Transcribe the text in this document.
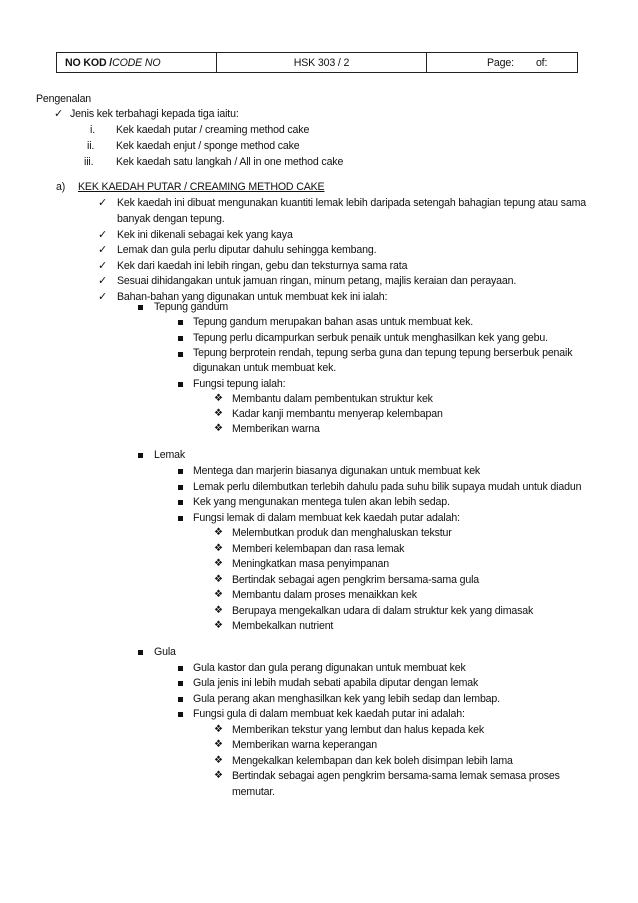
NO KOD / CODE NO	HSK 303 / 2	Page: of:
Pengenalan
✓ Jenis kek terbahagi kepada tiga iaitu:
i. Kek kaedah putar / creaming method cake
ii. Kek kaedah enjut / sponge method cake
iii. Kek kaedah satu langkah / All in one method cake
a) KEK KAEDAH PUTAR / CREAMING METHOD CAKE
✓ Kek kaedah ini dibuat mengunakan kuantiti lemak lebih daripada setengah bahagian tepung atau sama banyak dengan tepung.
✓ Kek ini dikenali sebagai kek yang kaya
✓ Lemak dan gula perlu diputar dahulu sehingga kembang.
✓ Kek dari kaedah ini lebih ringan, gebu dan teksturnya sama rata
✓ Sesuai dihidangakan untuk jamuan ringan, minum petang, majlis keraian dan perayaan.
✓ Bahan-bahan yang digunakan untuk membuat kek ini ialah:
Tepung gandum
Tepung gandum merupakan bahan asas untuk membuat kek.
Tepung perlu dicampurkan serbuk penaik untuk menghasilkan kek yang gebu.
Tepung berprotein rendah, tepung serba guna dan tepung tepung berserbuk penaik digunakan untuk membuat kek.
Fungsi tepung ialah:
❖ Membantu dalam pembentukan struktur kek
❖ Kadar kanji membantu menyerap kelembapan
❖ Memberikan warna
Lemak
Mentega dan marjerin biasanya digunakan untuk membuat kek
Lemak perlu dilembutkan terlebih dahulu pada suhu bilik supaya mudah untuk diadun
Kek yang mengunakan mentega tulen akan lebih sedap.
Fungsi lemak di dalam membuat kek kaedah putar adalah:
❖ Melembutkan produk dan menghaluskan tekstur
❖ Memberi kelembapan dan rasa lemak
❖ Meningkatkan masa penyimpanan
❖ Bertindak sebagai agen pengkrim bersama-sama gula
❖ Membantu dalam proses menaikkan kek
❖ Berupaya mengekalkan udara di dalam struktur kek yang dimasak
❖ Membekalkan nutrient
Gula
Gula kastor dan gula perang digunakan untuk membuat kek
Gula jenis ini lebih mudah sebati apabila diputar dengan lemak
Gula perang akan menghasilkan kek yang lebih sedap dan lembap.
Fungsi gula di dalam membuat kek kaedah putar ini adalah:
❖ Memberikan tekstur yang lembut dan halus kepada kek
❖ Memberikan warna keperangan
❖ Mengekalkan kelembapan dan kek boleh disimpan lebih lama
❖ Bertindak sebagai agen pengkrim bersama-sama lemak semasa proses memutar.
